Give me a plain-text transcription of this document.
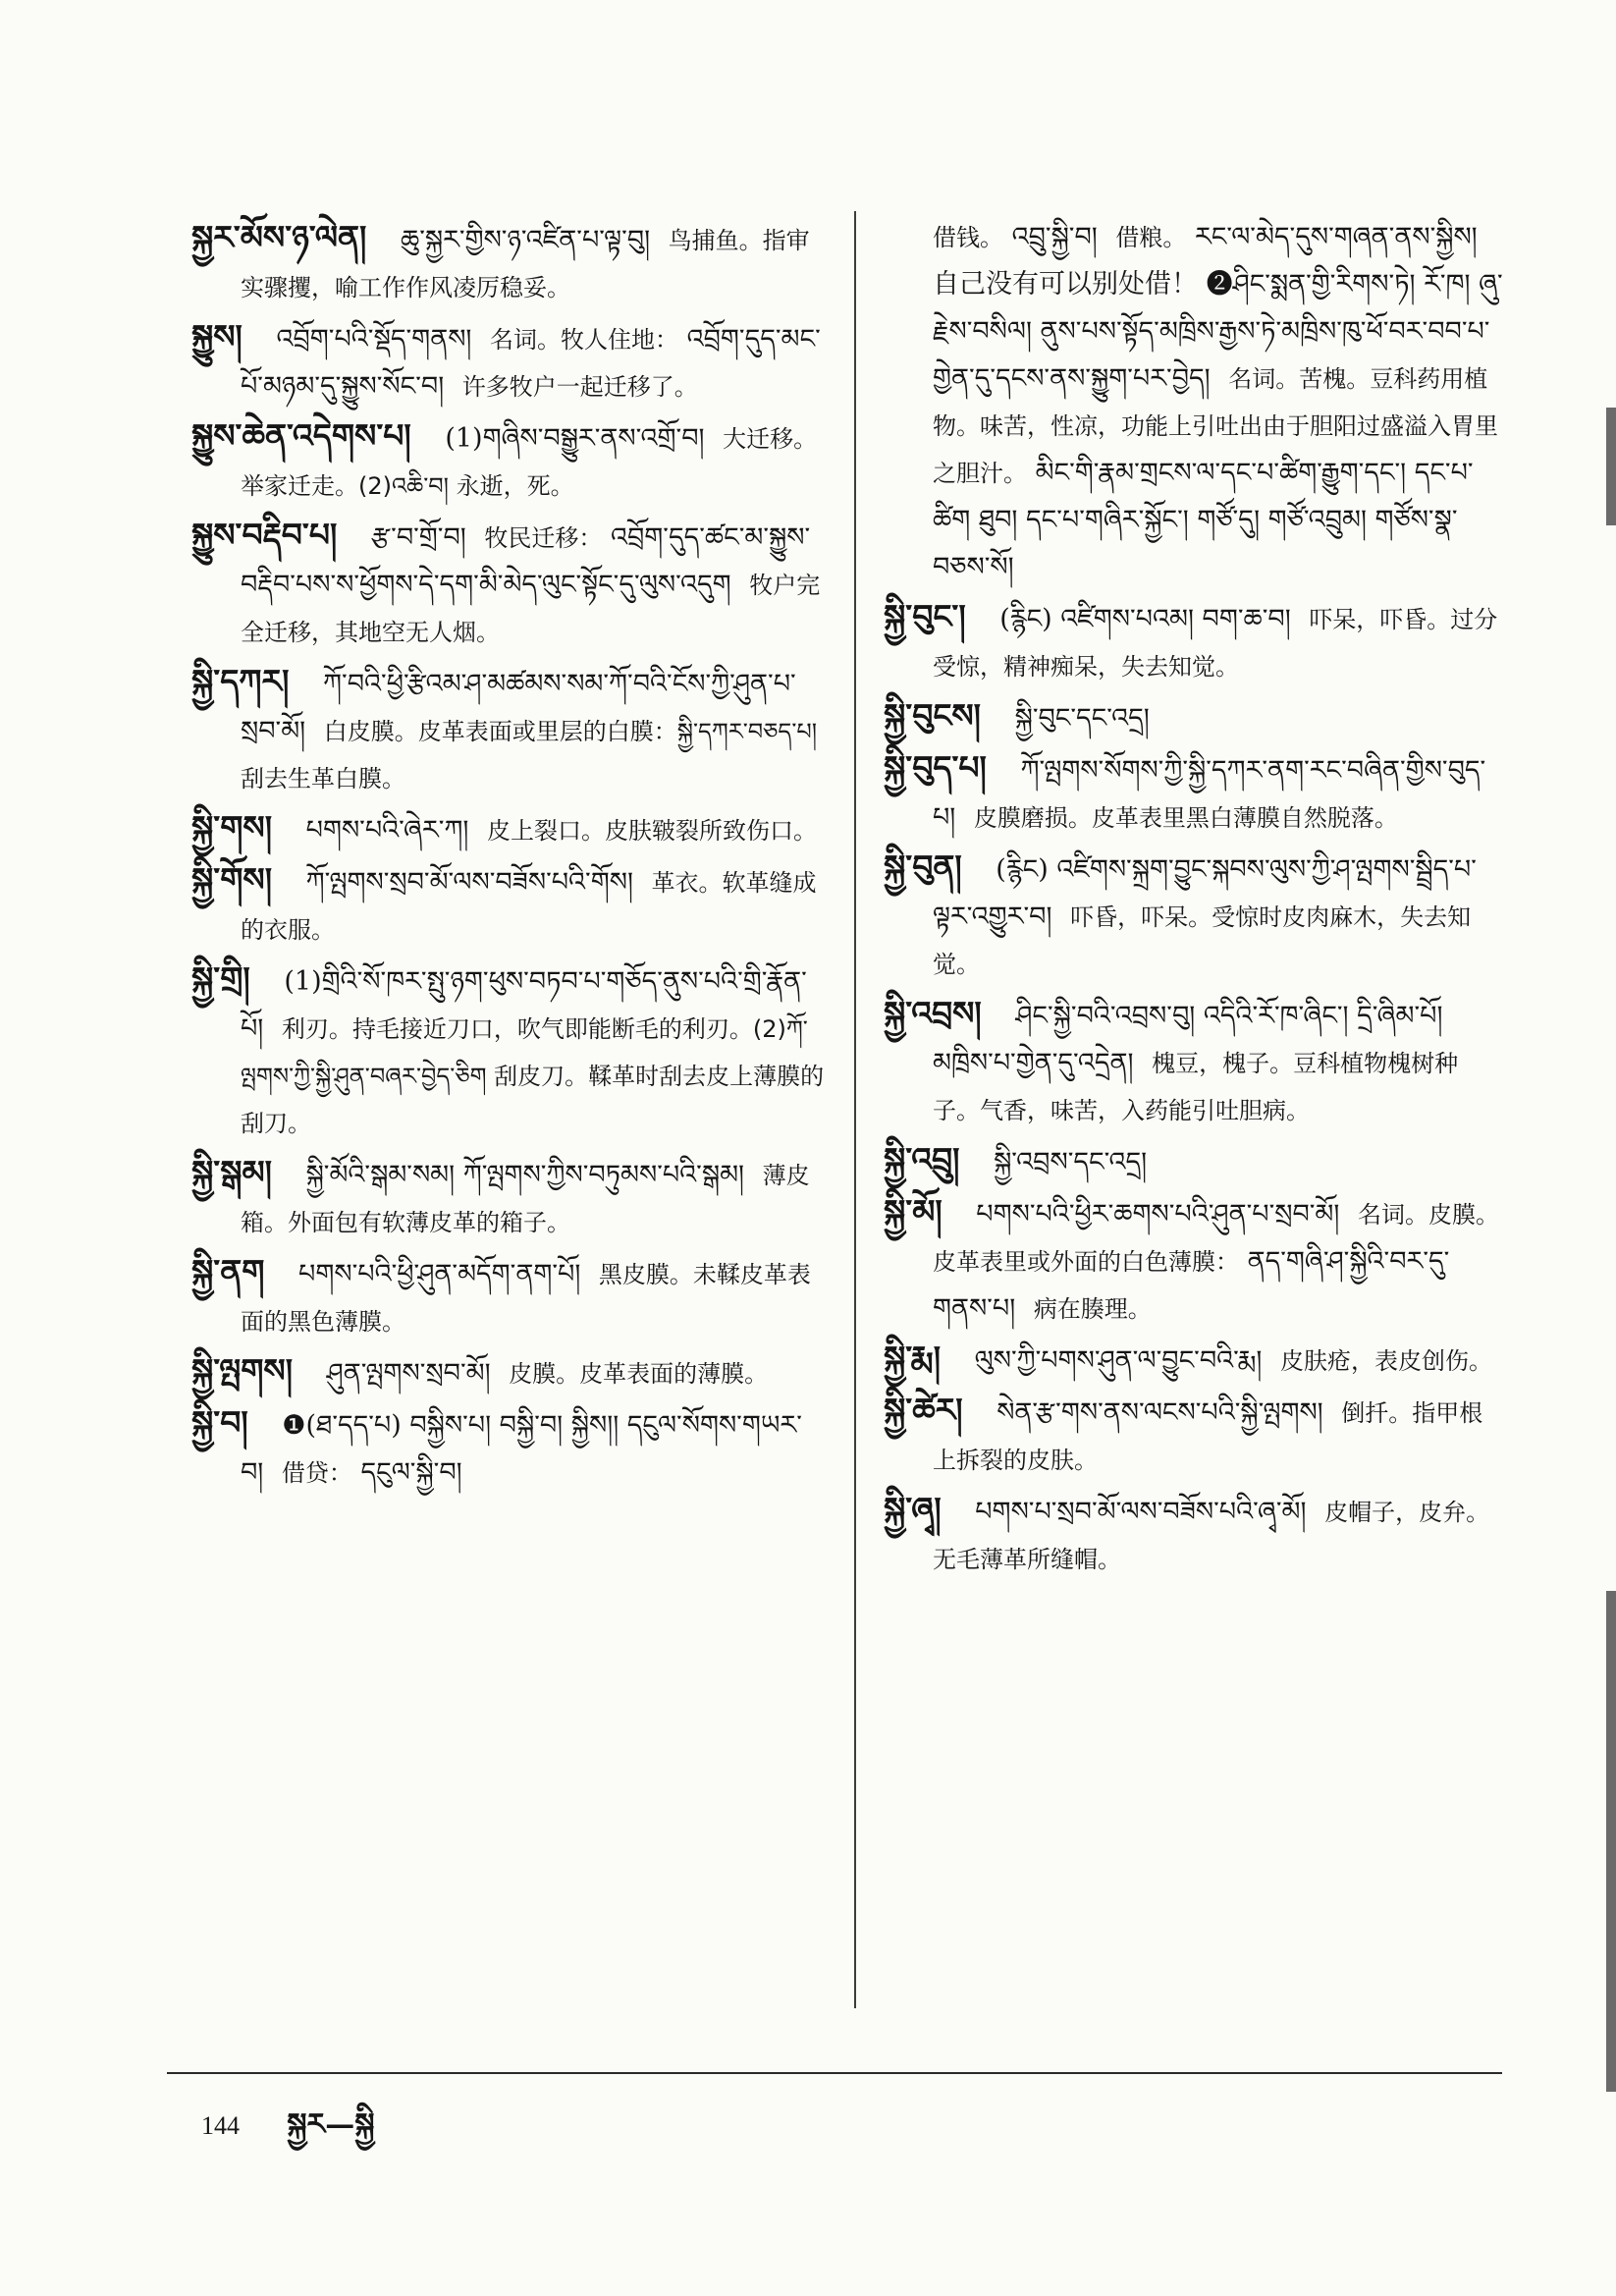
སྐྱར་མོས་ཉ་ལེན། ཆུ་སྐྱར་གྱིས་ཉ་འཛིན་པ་ལྟ་བུ། 鸟捕鱼。指审实骤攫，喻工作作风凌厉稳妥。
སྐྱུས། འབྲོག་པའི་སྡོད་གནས། 名词。牧人住地： འབྲོག་དུད་མང་པོ་མཉམ་དུ་སྐྱུས་སོང་བ། 许多牧户一起迁移了。
སྐྱུས་ཆེན་འདེགས་པ། (1)གཞིས་བསྒྱུར་ནས་འགྲོ་བ། 大迁移。举家迁走。(2)འཆི་བ། 永逝，死。
སྐྱུས་བརྡིབ་པ། རྩ་བ་གྲོ་བ། 牧民迁移： འབྲོག་དུད་ཚང་མ་སྐྱུས་བརྡིབ་པས་ས་ཕྱོགས་དེ་དག་མི་མེད་ལུང་སྟོང་དུ་ལུས་འདུག 牧户完全迁移，其地空无人烟。
སྐྱི་དཀར། ཀོ་བའི་ཕྱི་རྩིའམ་ཤ་མཚམས་སམ་ཀོ་བའི་ངོས་ཀྱི་ཤུན་པ་སྲབ་མོ། 白皮膜。皮革表面或里层的白膜：སྐྱི་དཀར་བཅད་པ། 刮去生革白膜。
སྐྱི་གས། པགས་པའི་ཞེར་ཀ། 皮上裂口。皮肤皲裂所致伤口。
སྐྱི་གོས། ཀོ་ལྤགས་སྲབ་མོ་ལས་བཟོས་པའི་གོས། 革衣。软革缝成的衣服。
སྐྱི་གྲི། (1)གྲིའི་སོ་ཁར་སྤུ་ཉག་ཕུས་བཏབ་པ་གཅོད་ནུས་པའི་གྲི་རྣོན་པོ། 利刃。持毛接近刀口，吹气即能断毛的利刃。(2)ཀོ་ལྤགས་ཀྱི་སྐྱི་ཤུན་བཞར་བྱེད་ཅིག 刮皮刀。鞣革时刮去皮上薄膜的刮刀。
སྐྱི་སྒམ། སྐྱི་མོའི་སྒམ་སམ། ཀོ་ལྤགས་ཀྱིས་བཏུམས་པའི་སྒམ། 薄皮箱。外面包有软薄皮革的箱子。
སྐྱི་ནག པགས་པའི་ཕྱི་ཤུན་མདོག་ནག་པོ། 黑皮膜。未鞣皮革表面的黑色薄膜。
སྐྱི་ལྤགས། ཤུན་ལྤགས་སྲབ་མོ། 皮膜。皮革表面的薄膜。
སྐྱི་བ། ❶(ཐ་དད་པ) བསྐྱིས་པ། བསྐྱི་བ། སྐྱིས།། དངུལ་སོགས་གཡར་བ། 借贷： དངུལ་སྐྱི་བ།
借钱。 འབྲུ་སྐྱི་བ། 借粮。 རང་ལ་མེད་དུས་གཞན་ནས་སྐྱིས། 自己没有可以别处借！ ❷ཤིང་སྨན་གྱི་རིགས་ཏེ། རོ་ཁ། ཞུ་རྗེས་བསིལ། ནུས་པས་སྟོད་མཁྲིས་རྒྱས་ཏེ་མཁྲིས་ཁུ་ཕོ་བར་བབ་པ་གྱེན་དུ་དངས་ནས་སྐྱུག་པར་བྱེད། 名词。苦槐。豆科药用植物。味苦，性凉，功能上引吐出由于胆阳过盛溢入胃里之胆汁。 མིང་གི་རྣམ་གྲངས་ལ་དང་པ་ཚིག་རྒྱུག་དང་། དང་པ་ཚིག ཐུབ། དང་པ་གཞིར་སྐྱོང་། གཙོ་དུ། གཙོ་འབྲུམ། གཙོས་སྣ་བཅས་སོ།
སྐྱི་བུང་། (རྙིང) འཛིགས་པའམ། བག་ཆ་བ། 吓呆，吓昏。过分受惊，精神痴呆，失去知觉。
སྐྱི་བུངས། སྐྱི་བུང་དང་འདྲ།
སྐྱི་བུད་པ། ཀོ་ལྤགས་སོགས་ཀྱི་སྐྱི་དཀར་ནག་རང་བཞིན་གྱིས་བུད་པ། 皮膜磨损。皮革表里黑白薄膜自然脱落。
སྐྱི་བུན། (རྙིང) འཛིགས་སྐྲག་བྱུང་སྐབས་ལུས་ཀྱི་ཤ་ལྤགས་སྦྲིད་པ་ལྟར་འགྱུར་བ། 吓昏，吓呆。受惊时皮肉麻木，失去知觉。
སྐྱི་འབྲས། ཤིང་སྐྱི་བའི་འབྲས་བུ། འདིའི་རོ་ཁ་ཞིང་། དྲི་ཞིམ་པོ། མཁྲིས་པ་གྱེན་དུ་འདྲེན། 槐豆，槐子。豆科植物槐树种子。气香，味苦，入药能引吐胆病。
སྐྱི་འབྲུ། སྐྱི་འབྲས་དང་འདྲ།
སྐྱི་མོ། པགས་པའི་ཕྱིར་ཆགས་པའི་ཤུན་པ་སྲབ་མོ། 名词。皮膜。皮革表里或外面的白色薄膜： ནད་གཞི་ཤ་སྐྱིའི་བར་དུ་གནས་པ། 病在腠理。
སྐྱི་རྨ། ལུས་ཀྱི་པགས་ཤུན་ལ་བྱུང་བའི་རྨ། 皮肤疮，表皮创伤。
སྐྱི་ཚེར། སེན་རྩ་གས་ནས་ལངས་པའི་སྐྱི་ལྤགས། 倒扦。指甲根上拆裂的皮肤。
སྐྱི་ཞྭ། པགས་པ་སྲབ་མོ་ལས་བཟོས་པའི་ཞྭ་མོ། 皮帽子，皮弁。无毛薄革所缝帽。
144 སྐྱར—སྐྱི
